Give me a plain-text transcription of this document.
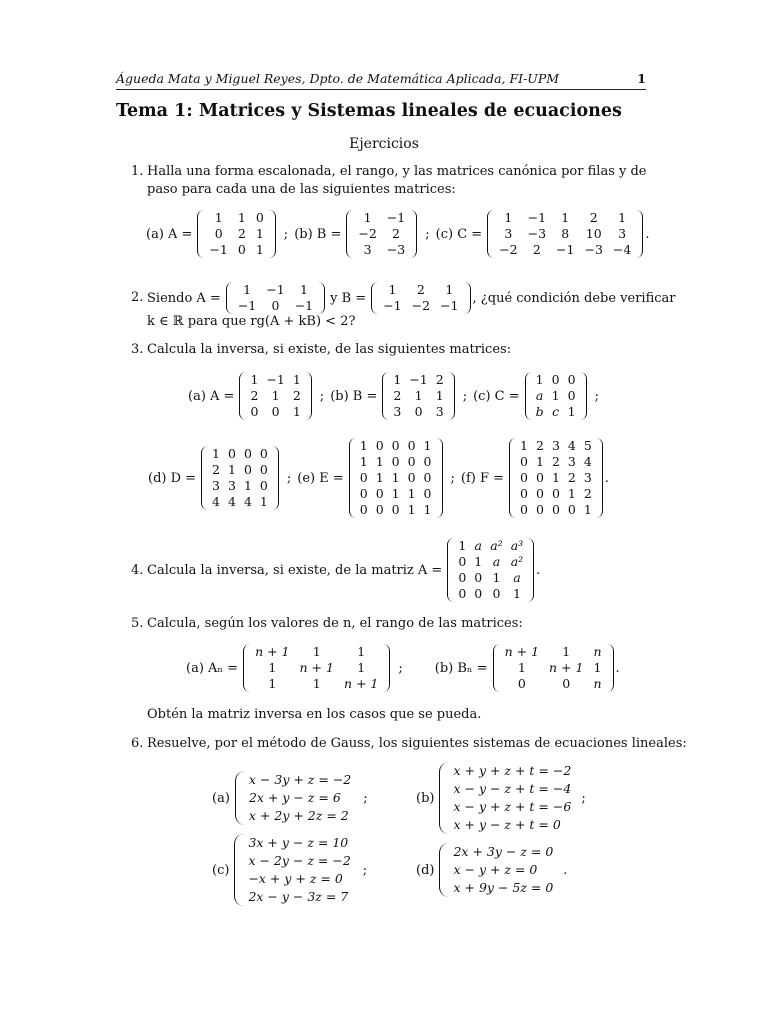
Águeda Mata y Miguel Reyes, Dpto. de Matemática Aplicada, FI-UPM	1
Tema 1: Matrices y Sistemas lineales de ecuaciones
Ejercicios
1. Halla una forma escalonada, el rango, y las matrices canónica por filas y de paso para cada una de las siguientes matrices:
(a) A =
1	1	0
0	2	1
−1	0	1
; (b) B =
1	−1
−2	2
3	−3
; (c) C =
1	−1	1	2	1
3	−3	8	10	3
−2	2	−1	−3	−4
.
2. Siendo A =
1	−1	1
−1	0	−1 y B =
1	2	1
−1	−2	−1 , ¿qué condición debe verificar
k ∈ ℝ para que rg(A + kB) < 2?
3. Calcula la inversa, si existe, de las siguientes matrices:
(a) A =
1	−1	1
2	1	2
0	0	1
; (b) B =
1	−1	2
2	1	1
3	0	3
; (c) C =
1	0	0
a	1	0
b	c	1
;
(d) D =
1	0	0	0
2	1	0	0
3	3	1	0
4	4	4	1
; (e) E =
1	0	0	0	1
1	1	0	0	0
0	1	1	0	0
0	0	1	1	0
0	0	0	1	1
; (f) F =
1	2	3	4	5
0	1	2	3	4
0	0	1	2	3
0	0	0	1	2
0	0	0	0	1
.
4. Calcula la inversa, si existe, de la matriz A =
1	a	a²	a³
0	1	a	a²
0	0	1	a
0	0	0	1
.
5. Calcula, según los valores de n, el rango de las matrices:
(a) Aₙ =
n + 1	1	1
1	n + 1	1
1	1	n + 1
; (b) Bₙ =
n + 1	1	n
1	n + 1	1
0	0	n
.
Obtén la matriz inversa en los casos que se pueda.
6. Resuelve, por el método de Gauss, los siguientes sistemas de ecuaciones lineales:
(a)
x − 3y + z = −2
2x + y − z = 6
x + 2y + 2z = 2
;	(b)
x + y + z + t = −2
x − y − z + t = −4
x − y + z + t = −6
x + y − z + t = 0
;
(c)
3x + y − z = 10
x − 2y − z = −2
−x + y + z = 0
2x − y − 3z = 7
;	(d)
2x + 3y − z = 0
x − y + z = 0
x + 9y − 5z = 0
.
